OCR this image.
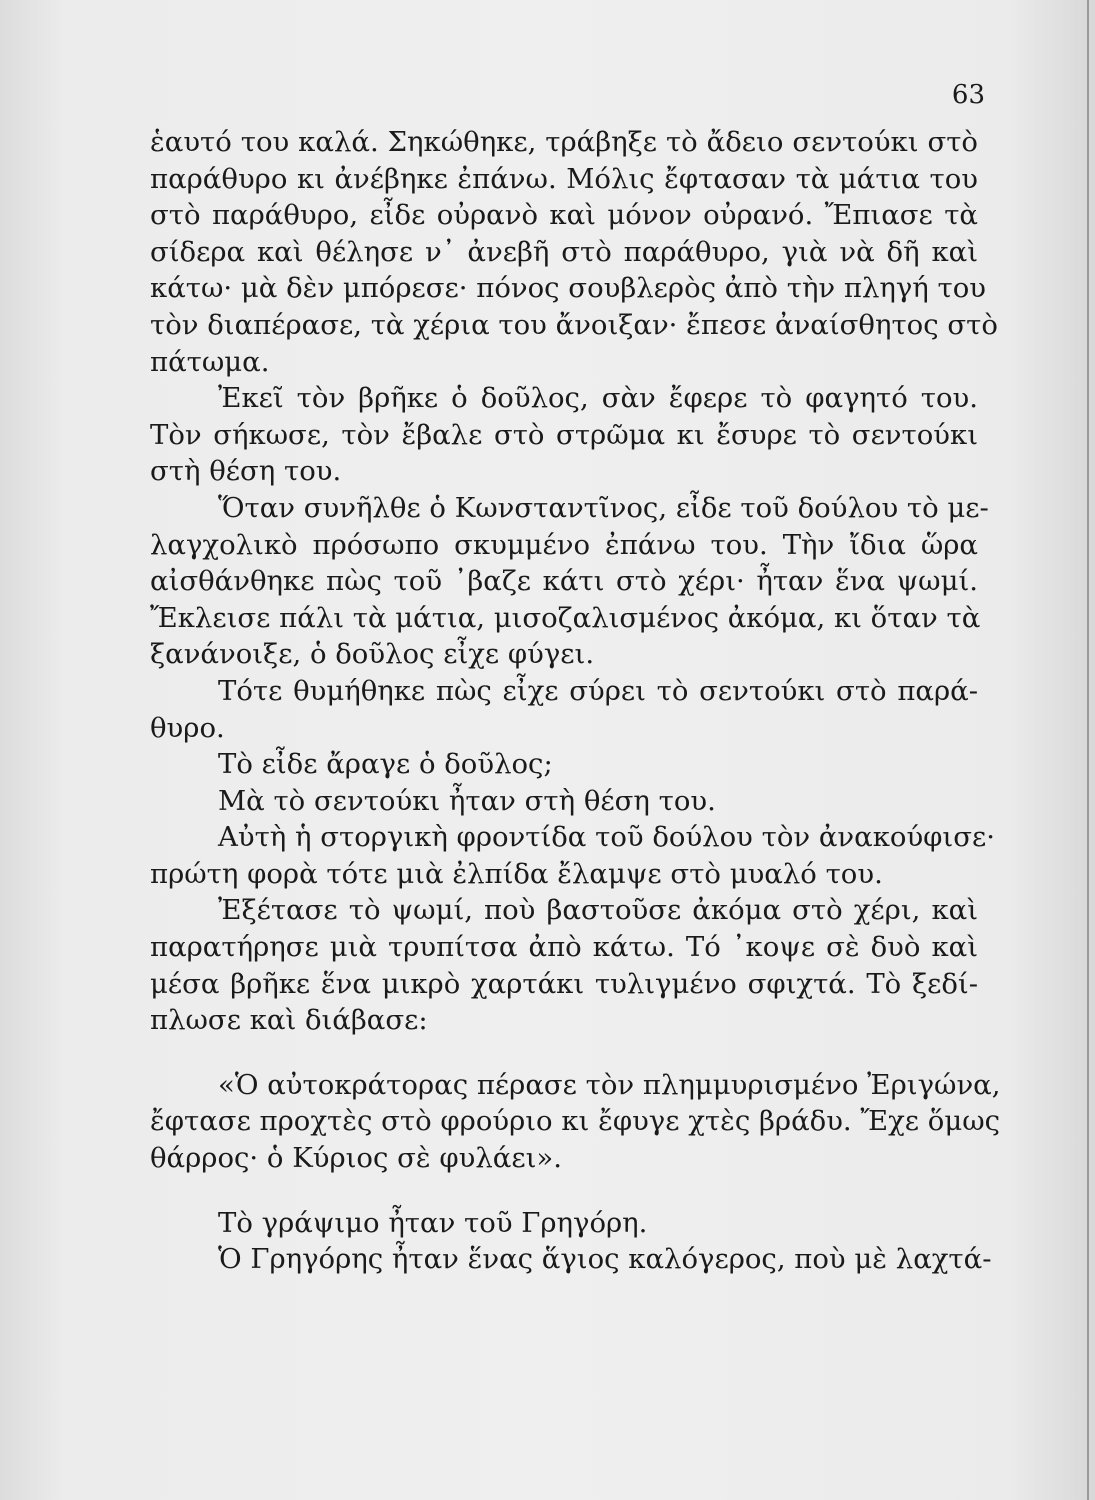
63
ἑαυτό του καλά. Σηκώθηκε, τράβηξε τὸ ἄδειο σεντούκι στὸ
παράθυρο κι ἀνέβηκε ἐπάνω. Μόλις ἔφτασαν τὰ μάτια του
στὸ παράθυρο, εἶδε οὐρανὸ καὶ μόνον οὐρανό. Ἔπιασε τὰ
σίδερα καὶ θέλησε ν᾽ ἀνεβῆ στὸ παράθυρο, γιὰ νὰ δῆ καὶ
κάτω· μὰ δὲν μπόρεσε· πόνος σουβλερὸς ἀπὸ τὴν πληγή του
τὸν διαπέρασε, τὰ χέρια του ἄνοιξαν· ἔπεσε ἀναίσθητος στὸ
πάτωμα.
Ἐκεῖ τὸν βρῆκε ὁ δοῦλος, σὰν ἔφερε τὸ φαγητό του.
Τὸν σήκωσε, τὸν ἔβαλε στὸ στρῶμα κι ἔσυρε τὸ σεντούκι
στὴ θέση του.
Ὅταν συνῆλθε ὁ Κωνσταντῖνος, εἶδε τοῦ δούλου τὸ με-
λαγχολικὸ πρόσωπο σκυμμένο ἐπάνω του. Τὴν ἴδια ὥρα
αἰσθάνθηκε πὼς τοῦ ᾽βαζε κάτι στὸ χέρι· ἦταν ἕνα ψωμί.
Ἔκλεισε πάλι τὰ μάτια, μισοζαλισμένος ἀκόμα, κι ὅταν τὰ
ξανάνοιξε, ὁ δοῦλος εἶχε φύγει.
Τότε θυμήθηκε πὼς εἶχε σύρει τὸ σεντούκι στὸ παρά-
θυρο.
Τὸ εἶδε ἄραγε ὁ δοῦλος;
Μὰ τὸ σεντούκι ἦταν στὴ θέση του.
Αὐτὴ ἡ στοργικὴ φροντίδα τοῦ δούλου τὸν ἀνακούφισε·
πρώτη φορὰ τότε μιὰ ἐλπίδα ἔλαμψε στὸ μυαλό του.
Ἐξέτασε τὸ ψωμί, ποὺ βαστοῦσε ἀκόμα στὸ χέρι, καὶ
παρατήρησε μιὰ τρυπίτσα ἀπὸ κάτω. Τό ᾽κοψε σὲ δυὸ καὶ
μέσα βρῆκε ἕνα μικρὸ χαρτάκι τυλιγμένο σφιχτά. Τὸ ξεδί-
πλωσε καὶ διάβασε:
«Ὁ αὐτοκράτορας πέρασε τὸν πλημμυρισμένο Ἐριγώνα,
ἔφτασε προχτὲς στὸ φρούριο κι ἔφυγε χτὲς βράδυ. Ἔχε ὅμως
θάρρος· ὁ Κύριος σὲ φυλάει».
Τὸ γράψιμο ἦταν τοῦ Γρηγόρη.
Ὁ Γρηγόρης ἦταν ἕνας ἅγιος καλόγερος, ποὺ μὲ λαχτά-
